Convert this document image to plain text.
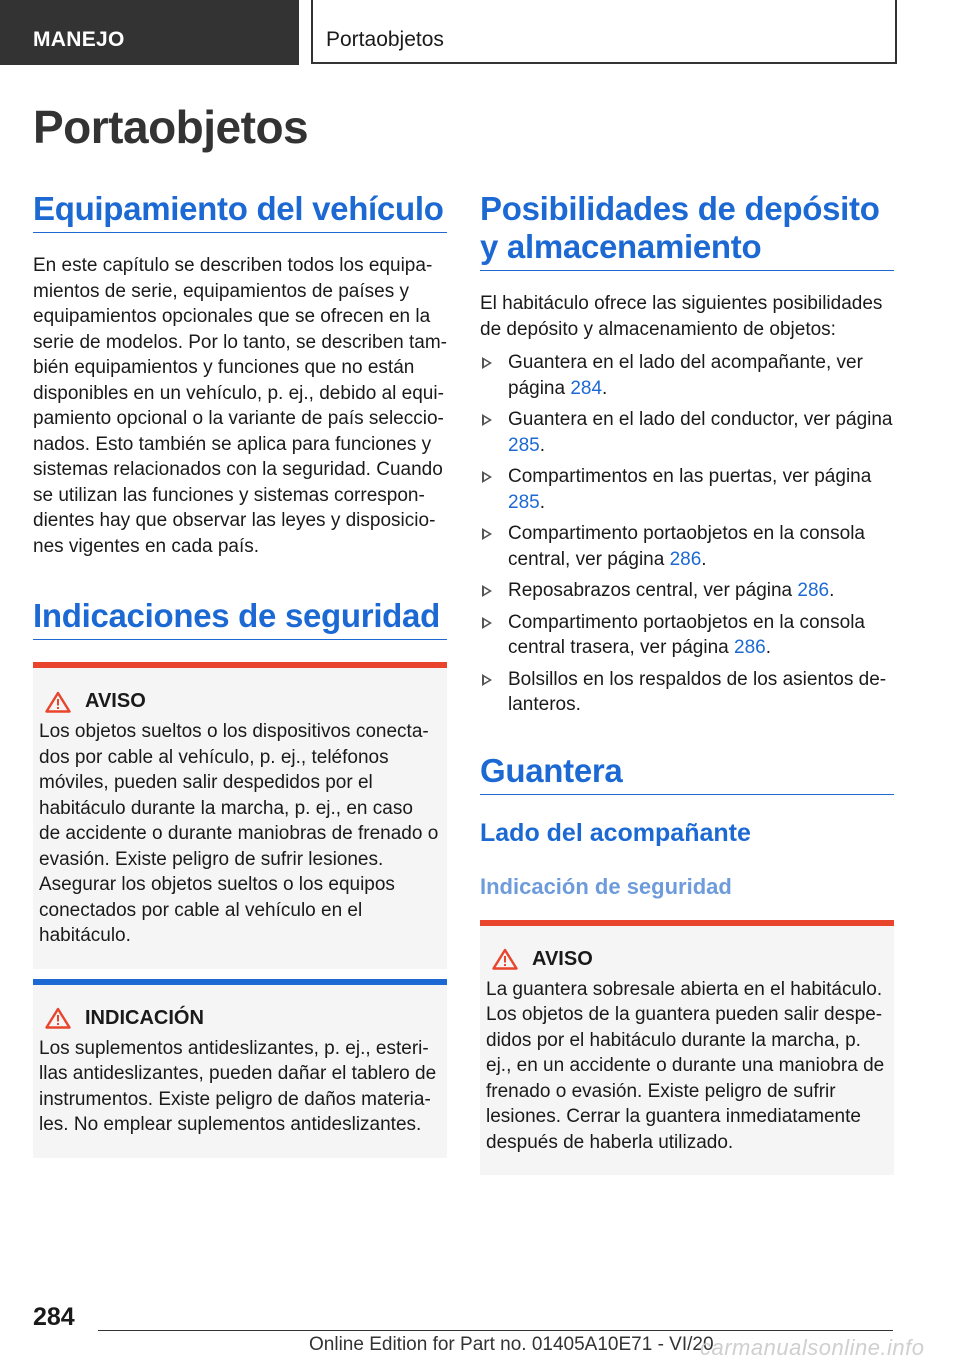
MANEJO	Portaobjetos
Portaobjetos
Equipamiento del vehículo

En este capítulo se describen todos los equipamientos de serie, equipamientos de países y equipamientos opcionales que se ofrecen en la serie de modelos. Por lo tanto, se describen también equipamientos y funciones que no están disponibles en un vehículo, p. ej., debido al equipamiento opcional o la variante de país seleccionados. Esto también se aplica para funciones y sistemas relacionados con la seguridad. Cuando se utilizan las funciones y sistemas correspondientes hay que observar las leyes y disposiciones vigentes en cada país.

Indicaciones de seguridad
AVISO

Los objetos sueltos o los dispositivos conectados por cable al vehículo, p. ej., teléfonos móviles, pueden salir despedidos por el habitáculo durante la marcha, p. ej., en caso de accidente o durante maniobras de frenado o evasión. Existe peligro de sufrir lesiones. Asegurar los objetos sueltos o los equipos conectados por cable al vehículo en el habitáculo.

INDICACIÓN

Los suplementos antideslizantes, p. ej., esterillas antideslizantes, pueden dañar el tablero de instrumentos. Existe peligro de daños materiales. No emplear suplementos antideslizantes.

Posibilidades de depósito y almacenamiento

El habitáculo ofrece las siguientes posibilidades de depósito y almacenamiento de objetos:

Guantera en el lado del acompañante, ver página 284.
Guantera en el lado del conductor, ver página 285.
Compartimentos en las puertas, ver página 285.
Compartimento portaobjetos en la consola central, ver página 286.
Reposabrazos central, ver página 286.
Compartimento portaobjetos en la consola central trasera, ver página 286.
Bolsillos en los respaldos de los asientos delanteros.
Guantera
Lado del acompañante
Indicación de seguridad
AVISO

La guantera sobresale abierta en el habitáculo. Los objetos de la guantera pueden salir despedidos por el habitáculo durante la marcha, p. ej., en un accidente o durante una maniobra de frenado o evasión. Existe peligro de sufrir lesiones. Cerrar la guantera inmediatamente después de haberla utilizado.

284
Online Edition for Part no. 01405A10E71 - VI/20
carmanualsonline.info
